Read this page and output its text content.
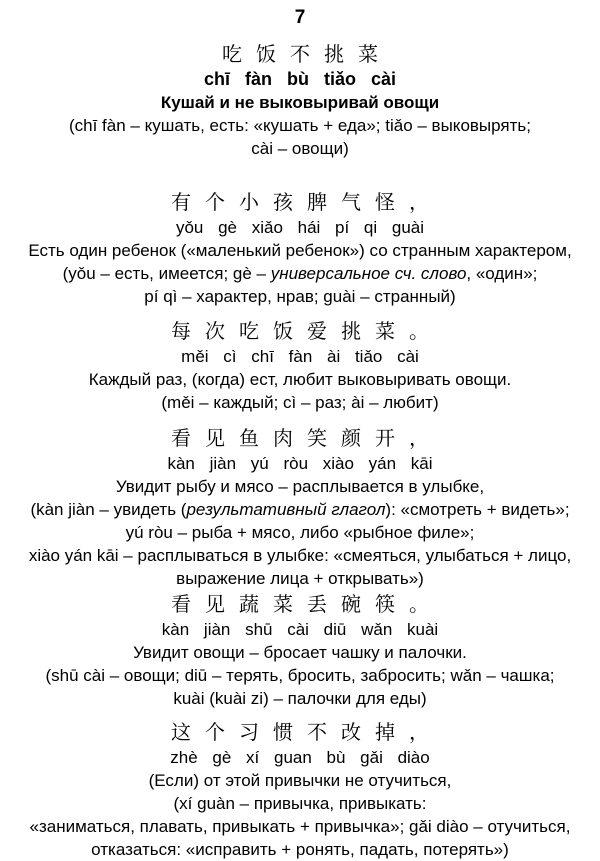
7
吃饭不挑菜
chī fàn bù tiǎo cài
Кушай и не выковыривай овощи
(chī fàn – кушать, есть: «кушать + еда»; tiǎo – выковырять;
cài – овощи)
有个小孩脾气怪，
yǒu gè xiǎo hái pí qi guài
Есть один ребенок («маленький ребенок») со странным характером,
(yǒu – есть, имеется; gè – универсальное сч. слово, «один»;
pí qì – характер, нрав; guài – странный)
每次吃饭爱挑菜。
měi cì chī fàn ài tiǎo cài
Каждый раз, (когда) ест, любит выковыривать овощи.
(měi – каждый; cì – раз; ài – любит)
看见鱼肉笑颜开，
kàn jiàn yú ròu xiào yán kāi
Увидит рыбу и мясо – расплывается в улыбке,
(kàn jiàn – увидеть (результативный глагол): «смотреть + видеть»;
yú ròu – рыба + мясо, либо «рыбное филе»;
xiào yán kāi – расплываться в улыбке: «смеяться, улыбаться + лицо,
выражение лица + открывать»)
看见蔬菜丢碗筷。
kàn jiàn shū cài diū wǎn kuài
Увидит овощи – бросает чашку и палочки.
(shū cài – овощи; diū – терять, бросить, забросить; wǎn – чашка;
kuài (kuài zi) – палочки для еды)
这个习惯不改掉，
zhè gè xí guan bù gǎi diào
(Если) от этой привычки не отучиться,
(xí guàn – привычка, привыкать:
«заниматься, плавать, привыкать + привычка»; gǎi diào – отучиться,
отказаться: «исправить + ронять, падать, потерять»)
